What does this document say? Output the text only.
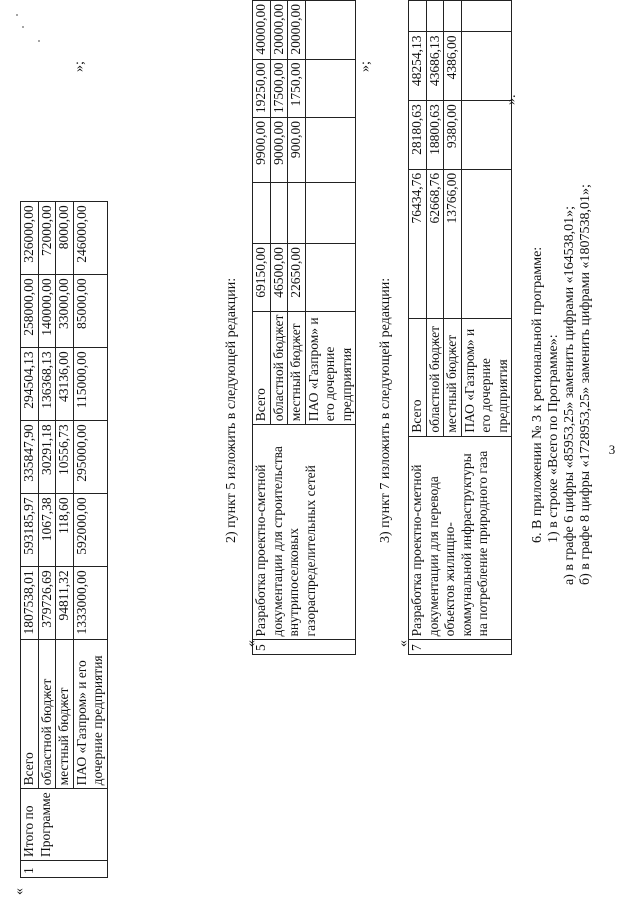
3
«
1	Итого по Программе	Всего	1807538,01	593185,97	335847,90	294504,13	258000,00	326000,00
		областной бюджет	379726,69	1067,38	30291,18	136368,13	140000,00	72000,00
		местный бюджет	94811,32	118,60	10556,73	43136,00	33000,00	8000,00
		ПАО «Газпром» и его дочерние предприятия	1333000,00	592000,00	295000,00	115000,00	85000,00	246000,00
»;
2) пункт 5 изложить в следующей редакции:
«
5	Разработка проектно-сметной документации для строительства внутрипоселковых газораспределительных сетей	Всего	69150,00		9900,00	19250,00	40000,00
		областной бюджет	46500,00		9000,00	17500,00	20000,00
		местный бюджет	22650,00		900,00	1750,00	20000,00
		ПАО «Газпром» и его дочерние предприятия					
»;
3) пункт 7 изложить в следующей редакции:
«
7	Разработка проектно-сметной документации для перевода объектов жилищно-коммунальной инфраструктуры на потребление природного газа	Всего	76434,76	28180,63	48254,13	
		областной бюджет	62668,76	18800,63	43686,13	
		местный бюджет	13766,00	9380,00	4386,00	
		ПАО «Газпром» и его дочерние предприятия				
».
6. В приложении № 3 к региональной программе: 1) в строке «Всего по Программе»: а) в графе 6 цифры «85953,25» заменить цифрами «164538,01»; б) в графе 8 цифры «1728953,25» заменить цифрами «1807538,01»;
